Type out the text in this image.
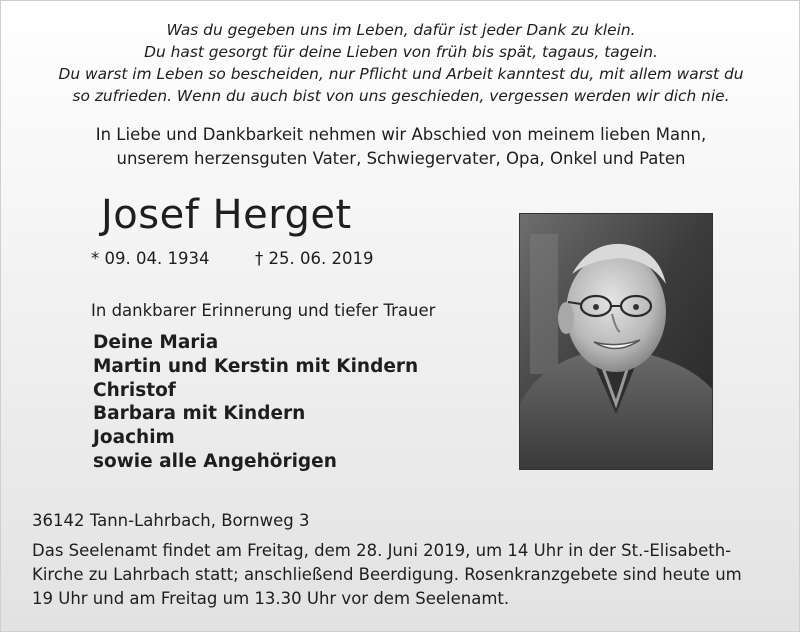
Was du gegeben uns im Leben, dafür ist jeder Dank zu klein.
Du hast gesorgt für deine Lieben von früh bis spät, tagaus, tagein.
Du warst im Leben so bescheiden, nur Pflicht und Arbeit kanntest du, mit allem warst du
so zufrieden. Wenn du auch bist von uns geschieden, vergessen werden wir dich nie.
In Liebe und Dankbarkeit nehmen wir Abschied von meinem lieben Mann,
unserem herzensguten Vater, Schwiegervater, Opa, Onkel und Paten
Josef Herget
* 09. 04. 1934	† 25. 06. 2019
In dankbarer Erinnerung und tiefer Trauer
Deine Maria
Martin und Kerstin mit Kindern
Christof
Barbara mit Kindern
Joachim
sowie alle Angehörigen
36142 Tann-Lahrbach, Bornweg 3
Das Seelenamt findet am Freitag, dem 28. Juni 2019, um 14 Uhr in der St.-Elisabeth-
Kirche zu Lahrbach statt; anschließend Beerdigung. Rosenkranzgebete sind heute um
19 Uhr und am Freitag um 13.30 Uhr vor dem Seelenamt.
